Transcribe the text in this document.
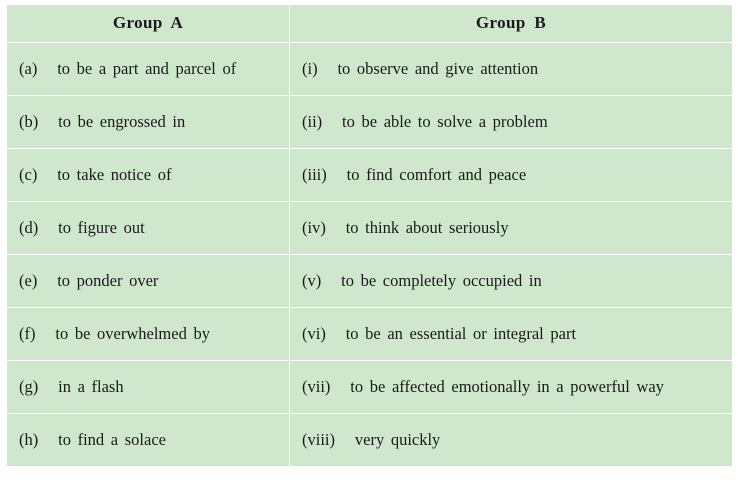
Group A	Group B
(a)   to be a part and parcel of	(i)   to observe and give attention
(b)   to be engrossed in	(ii)   to be able to solve a problem
(c)   to take notice of	(iii)   to find comfort and peace
(d)   to figure out	(iv)   to think about seriously
(e)   to ponder over	(v)   to be completely occupied in
(f)   to be overwhelmed by	(vi)   to be an essential or integral part
(g)   in a flash	(vii)   to be affected emotionally in a powerful way
(h)   to find a solace	(viii)   very quickly
